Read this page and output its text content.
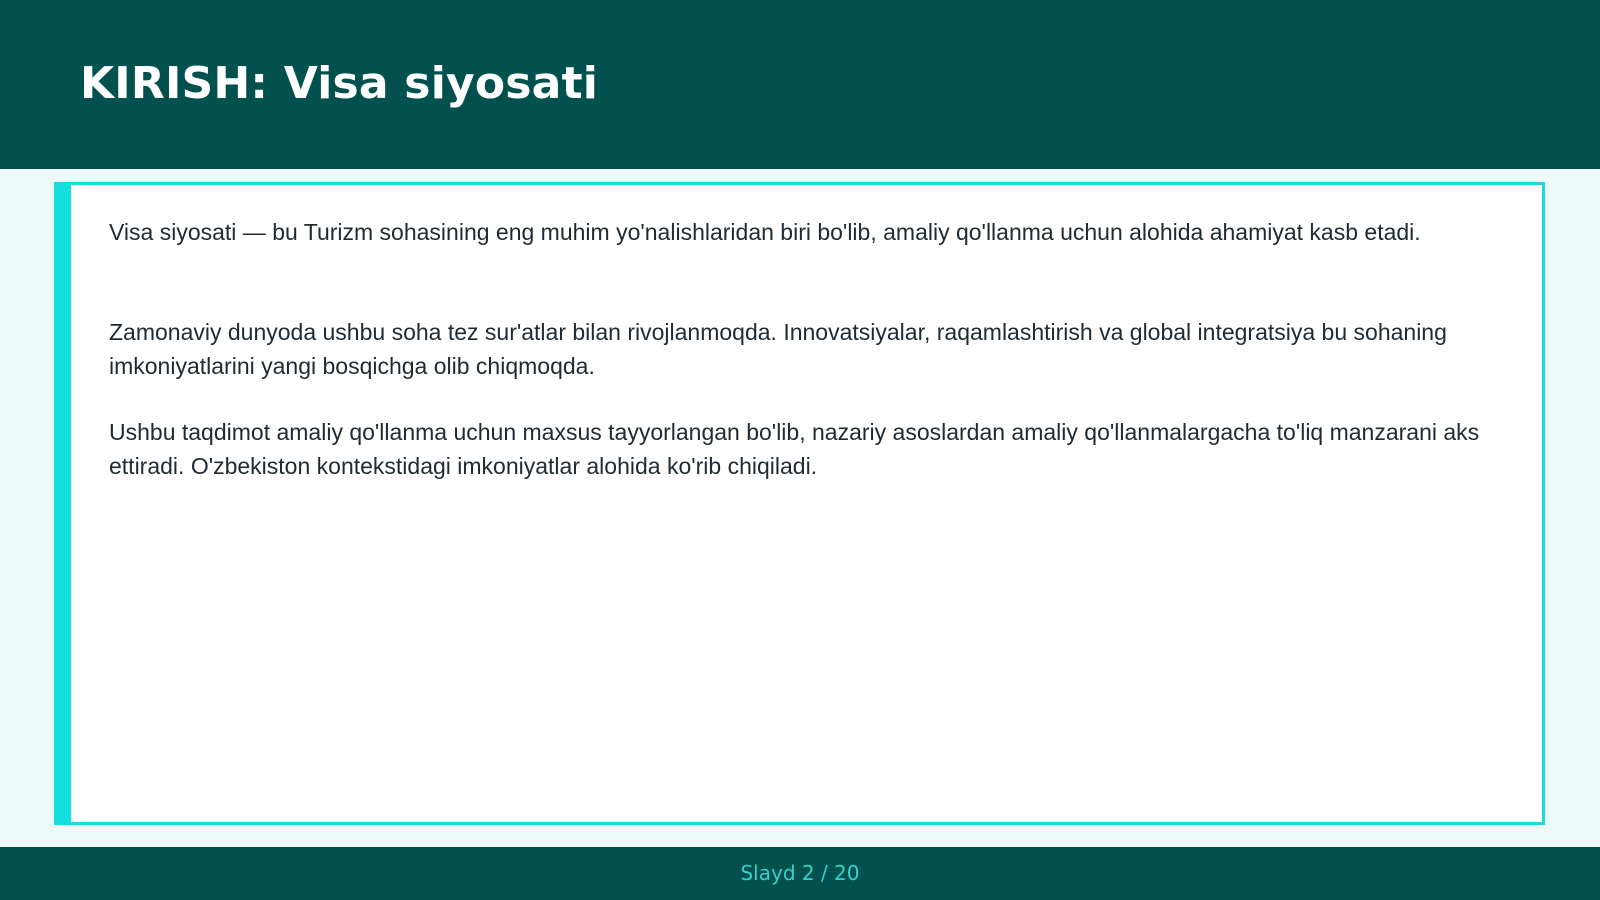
KIRISH: Visa siyosati

Visa siyosati — bu Turizm sohasining eng muhim yo'nalishlaridan biri bo'lib, amaliy qo'llanma uchun alohida ahamiyat kasb etadi.

Zamonaviy dunyoda ushbu soha tez sur'atlar bilan rivojlanmoqda. Innovatsiyalar, raqamlashtirish va global integratsiya bu sohaning imkoniyatlarini yangi bosqichga olib chiqmoqda.

Ushbu taqdimot amaliy qo'llanma uchun maxsus tayyorlangan bo'lib, nazariy asoslardan amaliy qo'llanmalargacha to'liq manzarani aks ettiradi. O'zbekiston kontekstidagi imkoniyatlar alohida ko'rib chiqiladi.

Slayd 2 / 20
